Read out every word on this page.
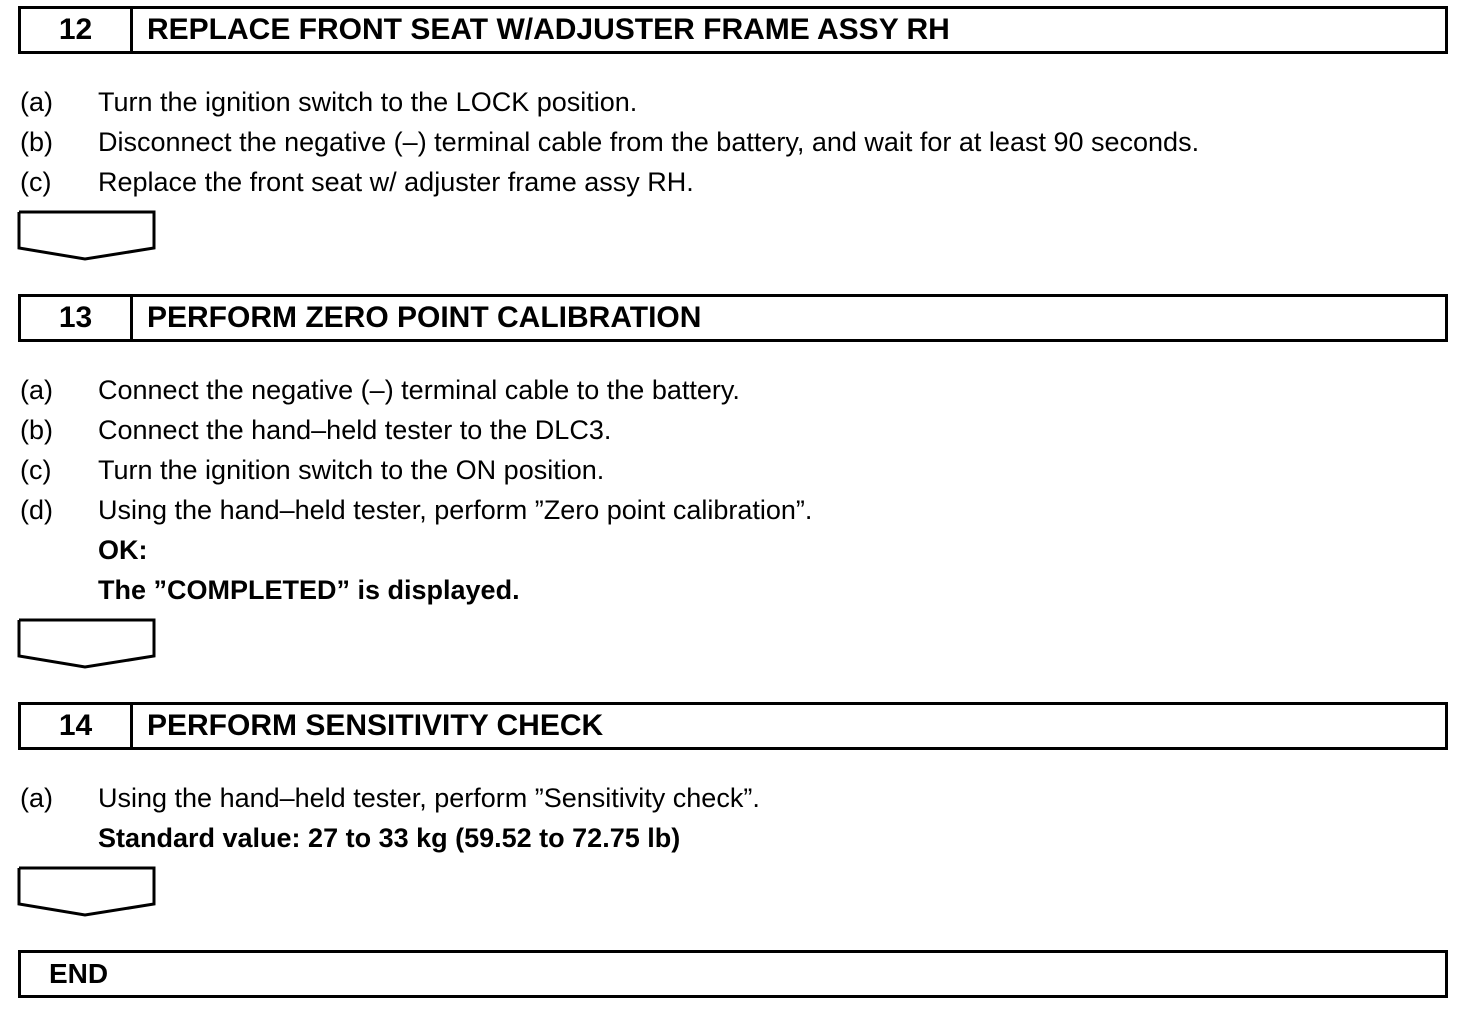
12	REPLACE FRONT SEAT W/ADJUSTER FRAME ASSY RH
(a) Turn the ignition switch to the LOCK position.
(b) Disconnect the negative (–) terminal cable from the battery, and wait for at least 90 seconds.
(c) Replace the front seat w/ adjuster frame assy RH.
13	PERFORM ZERO POINT CALIBRATION
(a) Connect the negative (–) terminal cable to the battery.
(b) Connect the hand–held tester to the DLC3.
(c) Turn the ignition switch to the ON position.
(d) Using the hand–held tester, perform ”Zero point calibration”.
OK:
The ”COMPLETED” is displayed.
14	PERFORM SENSITIVITY CHECK
(a) Using the hand–held tester, perform ”Sensitivity check”.
Standard value: 27 to 33 kg (59.52 to 72.75 lb)
END
